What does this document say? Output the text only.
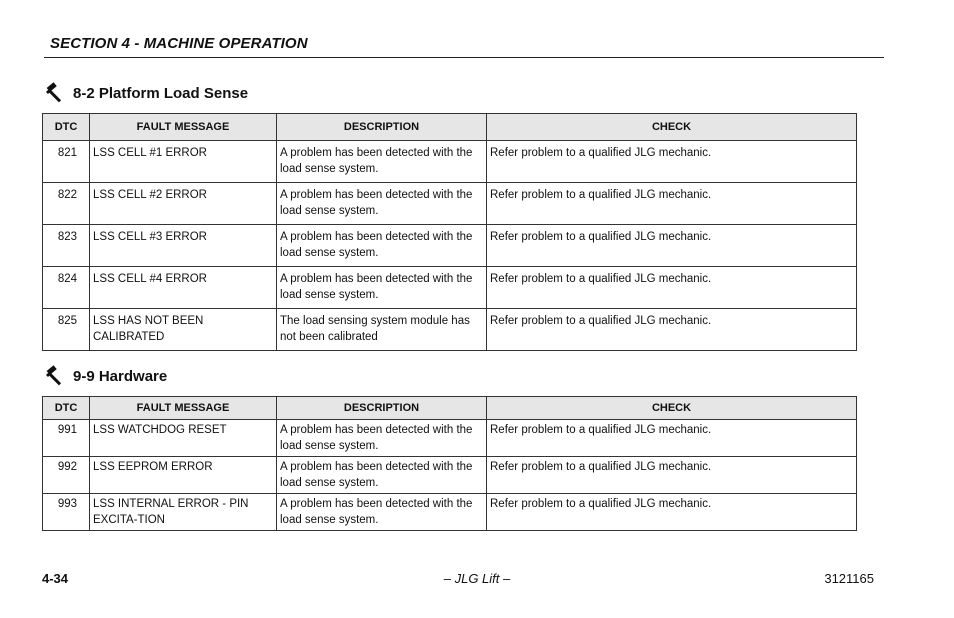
SECTION 4 - MACHINE OPERATION
8-2 Platform Load Sense
DTC	FAULT MESSAGE	DESCRIPTION	CHECK
821	LSS CELL #1 ERROR	A problem has been detected with the load sense system.	Refer problem to a qualified JLG mechanic.
822	LSS CELL #2 ERROR	A problem has been detected with the load sense system.	Refer problem to a qualified JLG mechanic.
823	LSS CELL #3 ERROR	A problem has been detected with the load sense system.	Refer problem to a qualified JLG mechanic.
824	LSS CELL #4 ERROR	A problem has been detected with the load sense system.	Refer problem to a qualified JLG mechanic.
825	LSS HAS NOT BEEN CALIBRATED	The load sensing system module has not been calibrated	Refer problem to a qualified JLG mechanic.
9-9 Hardware
DTC	FAULT MESSAGE	DESCRIPTION	CHECK
991	LSS WATCHDOG RESET	A problem has been detected with the load sense system.	Refer problem to a qualified JLG mechanic.
992	LSS EEPROM ERROR	A problem has been detected with the load sense system.	Refer problem to a qualified JLG mechanic.
993	LSS INTERNAL ERROR - PIN EXCITA-TION	A problem has been detected with the load sense system.	Refer problem to a qualified JLG mechanic.
4-34	– JLG Lift –	3121165
